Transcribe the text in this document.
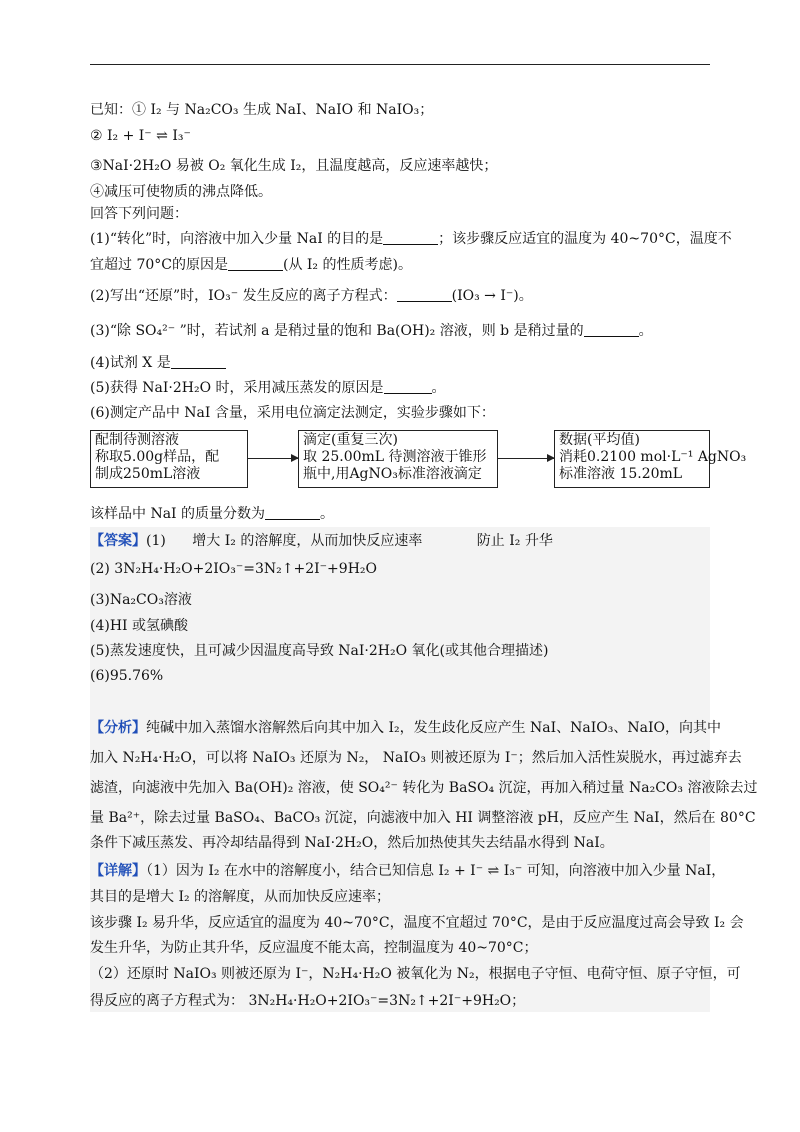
已知：① I₂ 与 Na₂CO₃ 生成 NaI、NaIO 和 NaIO₃；
② I₂ + I⁻ ⇌ I₃⁻
③NaI·2H₂O 易被 O₂ 氧化生成 I₂，且温度越高，反应速率越快；
④减压可使物质的沸点降低。
回答下列问题：
(1)“转化”时，向溶液中加入少量 NaI 的目的是	；该步骤反应适宜的温度为 40~70°C，温度不
宜超过 70°C的原因是	(从 I₂ 的性质考虑)。
(2)写出“还原”时，IO₃⁻ 发生反应的离子方程式：	(IO₃ → I⁻)。
(3)“除 SO₄²⁻ ”时，若试剂 a 是稍过量的饱和 Ba(OH)₂ 溶液，则 b 是稍过量的	。
(4)试剂 X 是
(5)获得 NaI·2H₂O 时，采用减压蒸发的原因是	。
(6)测定产品中 NaI 含量，采用电位滴定法测定，实验步骤如下：
配制待测溶液
称取5.00g样品，配
制成250mL溶液
滴定(重复三次)
取 25.00mL 待测溶液于锥形
瓶中,用AgNO₃标准溶液滴定
数据(平均值)
消耗0.2100 mol·L⁻¹ AgNO₃
标准溶液 15.20mL
该样品中 NaI 的质量分数为	。
【答案】(1) 增大 I₂ 的溶解度，从而加快反应速率	防止 I₂ 升华
(2) 3N₂H₄·H₂O+2IO₃⁻=3N₂↑+2I⁻+9H₂O
(3)Na₂CO₃溶液
(4)HI 或氢碘酸
(5)蒸发速度快，且可减少因温度高导致 NaI·2H₂O 氧化(或其他合理描述)
(6)95.76%
【分析】纯碱中加入蒸馏水溶解然后向其中加入 I₂，发生歧化反应产生 NaI、NaIO₃、NaIO，向其中
加入 N₂H₄·H₂O，可以将 NaIO₃ 还原为 N₂， NaIO₃ 则被还原为 I⁻；然后加入活性炭脱水，再过滤弃去
滤渣，向滤液中先加入 Ba(OH)₂ 溶液，使 SO₄²⁻ 转化为 BaSO₄ 沉淀，再加入稍过量 Na₂CO₃ 溶液除去过
量 Ba²⁺，除去过量 BaSO₄、BaCO₃ 沉淀，向滤液中加入 HI 调整溶液 pH，反应产生 NaI，然后在 80°C
条件下减压蒸发、再冷却结晶得到 NaI·2H₂O，然后加热使其失去结晶水得到 NaI。
【详解】（1）因为 I₂ 在水中的溶解度小，结合已知信息 I₂ + I⁻ ⇌ I₃⁻ 可知，向溶液中加入少量 NaI，
其目的是增大 I₂ 的溶解度，从而加快反应速率；
该步骤 I₂ 易升华，反应适宜的温度为 40~70°C，温度不宜超过 70°C，是由于反应温度过高会导致 I₂ 会
发生升华，为防止其升华，反应温度不能太高，控制温度为 40~70°C；
（2）还原时 NaIO₃ 则被还原为 I⁻，N₂H₄·H₂O 被氧化为 N₂，根据电子守恒、电荷守恒、原子守恒，可
得反应的离子方程式为： 3N₂H₄·H₂O+2IO₃⁻=3N₂↑+2I⁻+9H₂O；
